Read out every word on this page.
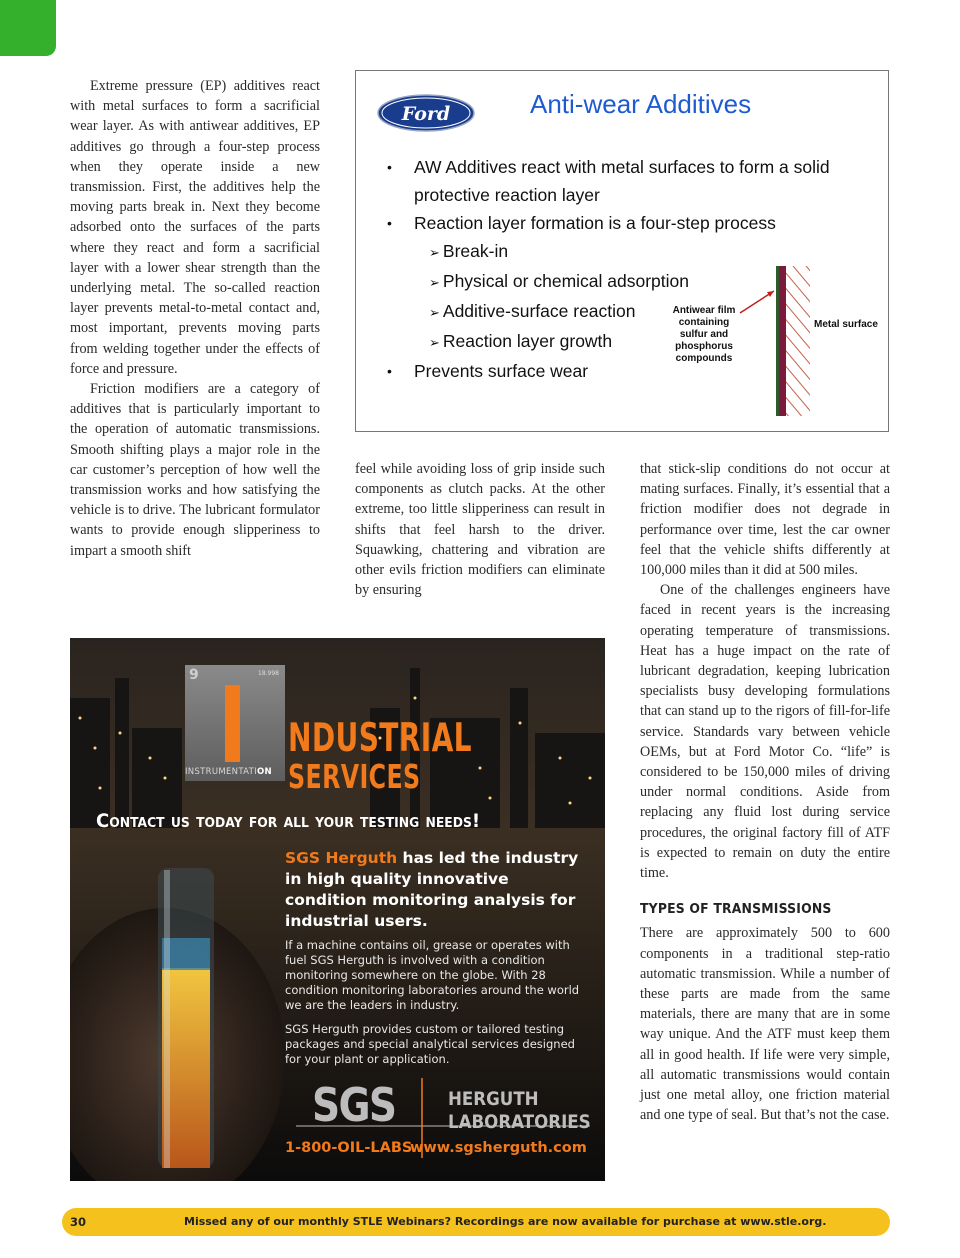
Extreme pressure (EP) additives react with metal surfaces to form a sacrificial wear layer. As with antiwear additives, EP additives go through a four-step process when they operate inside a new transmission. First, the additives help the moving parts break in. Next they become adsorbed onto the surfaces of the parts where they react and form a sacrificial layer with a lower shear strength than the underlying metal. The so-called reaction layer prevents metal-to-metal contact and, most important, prevents moving parts from welding together under the effects of force and pressure.

Friction modifiers are a category of additives that is particularly important to the operation of automatic transmissions. Smooth shifting plays a major role in the car customer’s perception of how well the transmission works and how satisfying the vehicle is to drive. The lubricant formulator wants to provide enough slipperiness to impart a smooth shift

Ford	Anti-wear Additives
• AW Additives react with metal surfaces to form a solid
protective reaction layer
• Reaction layer formation is a four-step process
➢ Break-in
➢ Physical or chemical adsorption
➢ Additive-surface reaction
➢ Reaction layer growth
• Prevents surface wear
Antiwear film containing sulfur and phosphorus compounds
Metal surface

feel while avoiding loss of grip inside such components as clutch packs. At the other extreme, too little slipperiness can result in shifts that feel harsh to the driver. Squawking, chattering and vibration are other evils friction modifiers can eliminate by ensuring

that stick-slip conditions do not occur at mating surfaces. Finally, it’s essential that a friction modifier does not degrade in performance over time, lest the car owner feel that the vehicle shifts differently at 100,000 miles than it did at 500 miles.

One of the challenges engineers have faced in recent years is the increasing operating temperature of transmissions. Heat has a huge impact on the rate of lubricant degradation, keeping lubrication specialists busy developing formulations that can stand up to the rigors of fill-for-life service. Standards vary between vehicle OEMs, but at Ford Motor Co. “life” is considered to be 150,000 miles of driving under normal conditions. Aside from replacing any fluid lost during service procedures, the original factory fill of ATF is expected to remain on duty the entire time.

TYPES OF TRANSMISSIONS

There are approximately 500 to 600 components in a traditional step-ratio automatic transmission. While a number of these parts are made from the same materials, there are many that are in some way unique. And the ATF must keep them all in good health. If life were very simple, all automatic transmissions would contain just one metal alloy, one friction material and one type of seal. But that’s not the case.

9	18.998
INSTRUMENTATION
NDUSTRIAL
SERVICES
Contact us today for all your testing needs!
SGS Herguth has led the industry in high quality innovative condition monitoring analysis for industrial users.
If a machine contains oil, grease or operates with fuel SGS Herguth is involved with a condition monitoring somewhere on the globe. With 28 condition monitoring laboratories around the world we are the leaders in industry.
SGS Herguth provides custom or tailored testing packages and special analytical services designed for your plant or application.
SGS	HERGUTH
LABORATORIES
1-800-OIL-LABS
www.sgsherguth.com
30	Missed any of our monthly STLE Webinars? Recordings are now available for purchase at www.stle.org.
